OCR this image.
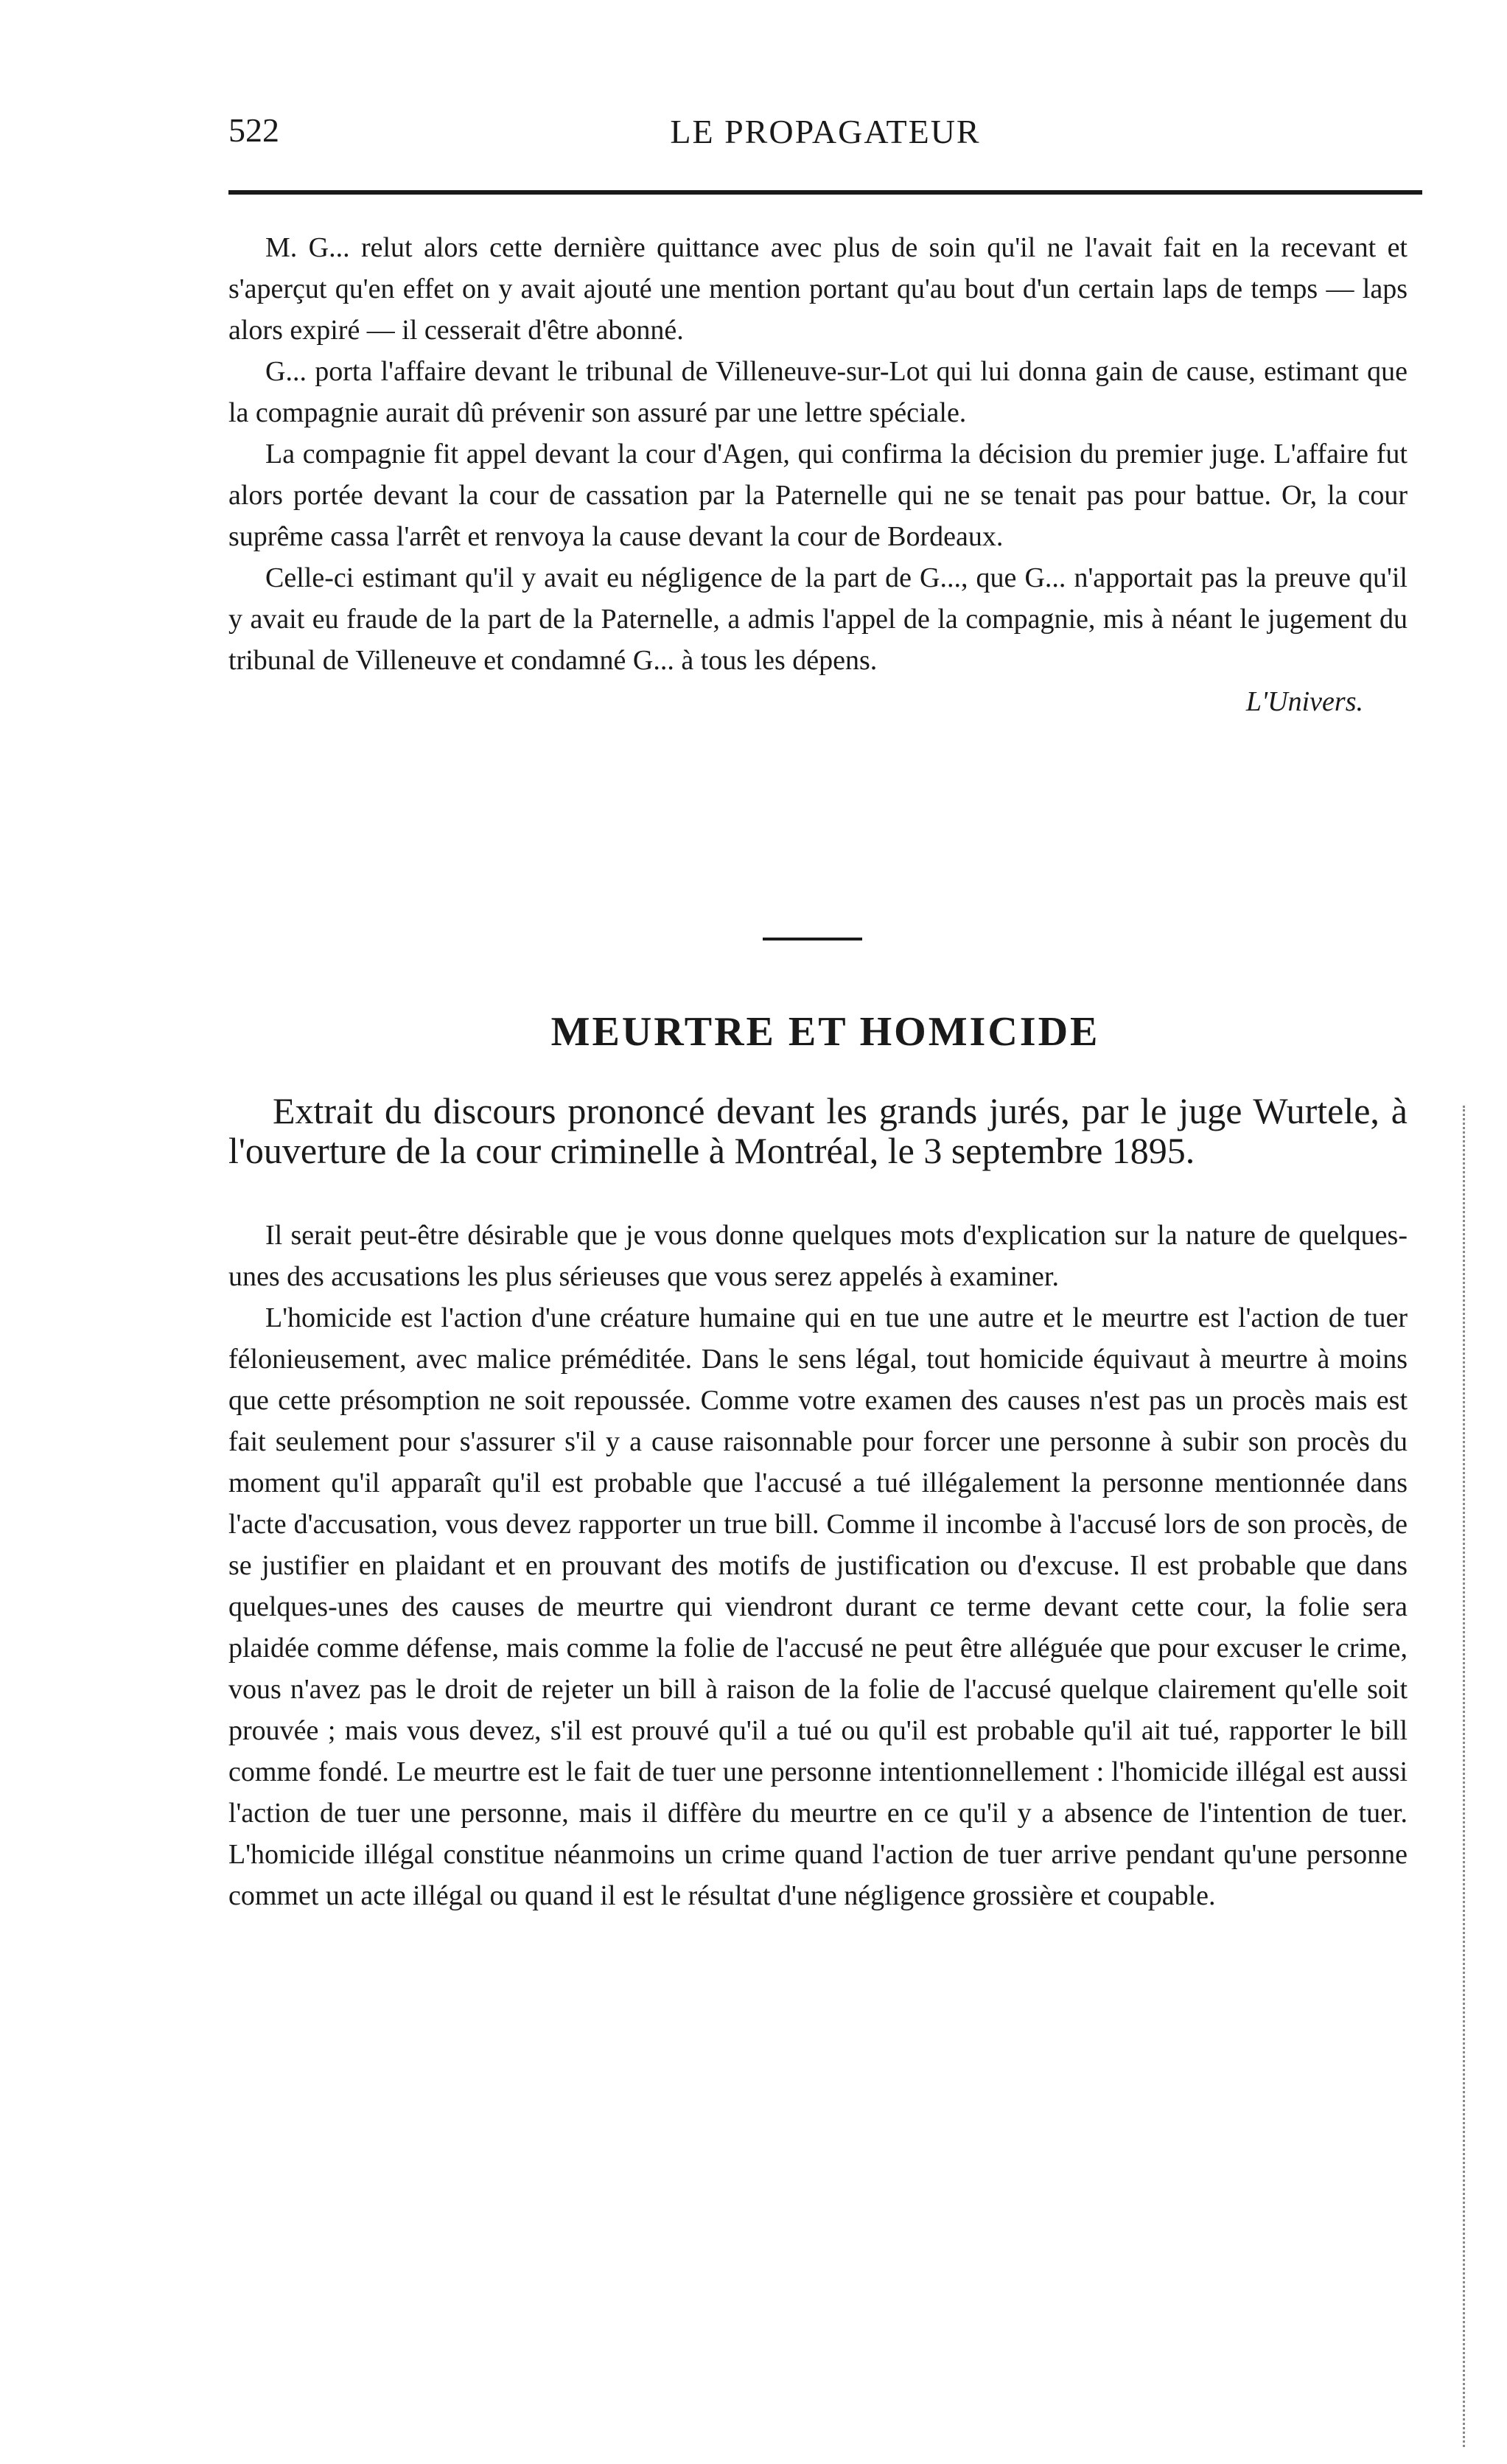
522	LE PROPAGATEUR

M. G... relut alors cette dernière quittance avec plus de soin qu'il ne l'avait fait en la recevant et s'aperçut qu'en effet on y avait ajouté une mention portant qu'au bout d'un certain laps de temps — laps alors expiré — il cesserait d'être abonné.

G... porta l'affaire devant le tribunal de Villeneuve-sur-Lot qui lui donna gain de cause, estimant que la compagnie aurait dû prévenir son assuré par une lettre spéciale.

La compagnie fit appel devant la cour d'Agen, qui confirma la décision du premier juge. L'affaire fut alors portée devant la cour de cassation par la Paternelle qui ne se tenait pas pour battue. Or, la cour suprême cassa l'arrêt et renvoya la cause devant la cour de Bordeaux.

Celle-ci estimant qu'il y avait eu négligence de la part de G..., que G... n'apportait pas la preuve qu'il y avait eu fraude de la part de la Paternelle, a admis l'appel de la compagnie, mis à néant le jugement du tribunal de Villeneuve et condamné G... à tous les dépens.

L'Univers.
MEURTRE ET HOMICIDE
Extrait du discours prononcé devant les grands jurés, par le juge Wurtele, à l'ouverture de la cour criminelle à Montréal, le 3 septembre 1895.

Il serait peut-être désirable que je vous donne quelques mots d'explication sur la nature de quelques-unes des accusations les plus sérieuses que vous serez appelés à examiner.

L'homicide est l'action d'une créature humaine qui en tue une autre et le meurtre est l'action de tuer félonieusement, avec malice préméditée. Dans le sens légal, tout homicide équivaut à meurtre à moins que cette présomption ne soit repoussée. Comme votre examen des causes n'est pas un procès mais est fait seulement pour s'assurer s'il y a cause raisonnable pour forcer une personne à subir son procès du moment qu'il apparaît qu'il est probable que l'accusé a tué illégalement la personne mentionnée dans l'acte d'accusation, vous devez rapporter un true bill. Comme il incombe à l'accusé lors de son procès, de se justifier en plaidant et en prouvant des motifs de justification ou d'excuse. Il est probable que dans quelques-unes des causes de meurtre qui viendront durant ce terme devant cette cour, la folie sera plaidée comme défense, mais comme la folie de l'accusé ne peut être alléguée que pour excuser le crime, vous n'avez pas le droit de rejeter un bill à raison de la folie de l'accusé quelque clairement qu'elle soit prouvée ; mais vous devez, s'il est prouvé qu'il a tué ou qu'il est probable qu'il ait tué, rapporter le bill comme fondé. Le meurtre est le fait de tuer une personne intentionnellement : l'homicide illégal est aussi l'action de tuer une personne, mais il diffère du meurtre en ce qu'il y a absence de l'intention de tuer. L'homicide illégal constitue néanmoins un crime quand l'action de tuer arrive pendant qu'une personne commet un acte illégal ou quand il est le résultat d'une négligence grossière et coupable.
